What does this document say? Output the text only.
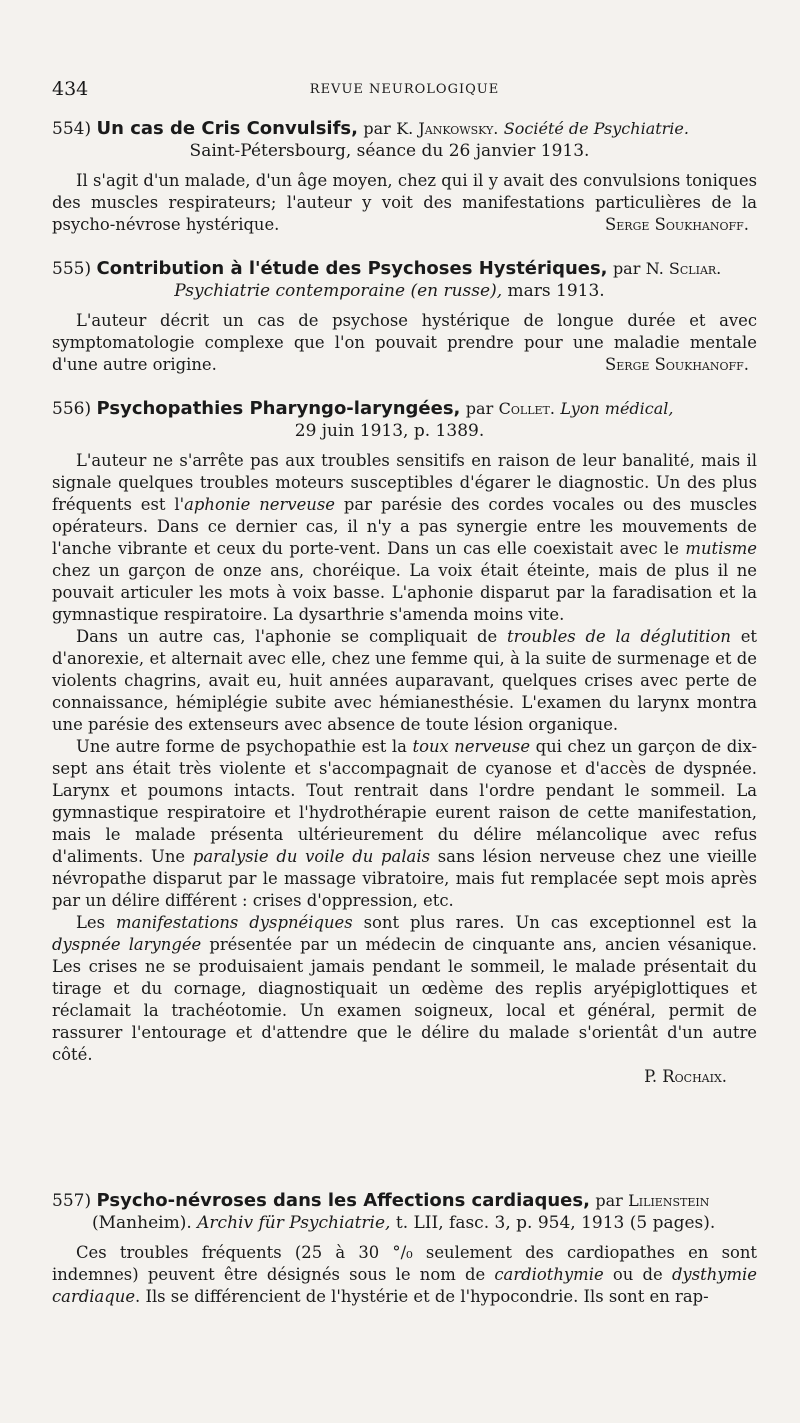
434	REVUE NEUROLOGIQUE
554) Un cas de Cris Convulsifs, par K. Jankowsky. Société de Psychiatrie.
Saint-Pétersbourg, séance du 26 janvier 1913.

Il s'agit d'un malade, d'un âge moyen, chez qui il y avait des convulsions toniques des muscles respirateurs; l'auteur y voit des manifestations particulières de la psycho-névrose hystérique.	Serge Soukhanoff.

555) Contribution à l'étude des Psychoses Hystériques, par N. Scliar.
Psychiatrie contemporaine (en russe), mars 1913.

L'auteur décrit un cas de psychose hystérique de longue durée et avec symptomatologie complexe que l'on pouvait prendre pour une maladie mentale d'une autre origine.	Serge Soukhanoff.

556) Psychopathies Pharyngo-laryngées, par Collet. Lyon médical,
29 juin 1913, p. 1389.

L'auteur ne s'arrête pas aux troubles sensitifs en raison de leur banalité, mais il signale quelques troubles moteurs susceptibles d'égarer le diagnostic. Un des plus fréquents est l'aphonie nerveuse par parésie des cordes vocales ou des muscles opérateurs. Dans ce dernier cas, il n'y a pas synergie entre les mouvements de l'anche vibrante et ceux du porte-vent. Dans un cas elle coexistait avec le mutisme chez un garçon de onze ans, choréique. La voix était éteinte, mais de plus il ne pouvait articuler les mots à voix basse. L'aphonie disparut par la faradisation et la gymnastique respiratoire. La dysarthrie s'amenda moins vite.

Dans un autre cas, l'aphonie se compliquait de troubles de la déglutition et d'anorexie, et alternait avec elle, chez une femme qui, à la suite de surmenage et de violents chagrins, avait eu, huit années auparavant, quelques crises avec perte de connaissance, hémiplégie subite avec hémianesthésie. L'examen du larynx montra une parésie des extenseurs avec absence de toute lésion organique.

Une autre forme de psychopathie est la toux nerveuse qui chez un garçon de dix-sept ans était très violente et s'accompagnait de cyanose et d'accès de dyspnée. Larynx et poumons intacts. Tout rentrait dans l'ordre pendant le sommeil. La gymnastique respiratoire et l'hydrothérapie eurent raison de cette manifestation, mais le malade présenta ultérieurement du délire mélancolique avec refus d'aliments. Une paralysie du voile du palais sans lésion nerveuse chez une vieille névropathe disparut par le massage vibratoire, mais fut remplacée sept mois après par un délire différent : crises d'oppression, etc.

Les manifestations dyspnéiques sont plus rares. Un cas exceptionnel est la dyspnée laryngée présentée par un médecin de cinquante ans, ancien vésanique. Les crises ne se produisaient jamais pendant le sommeil, le malade présentait du tirage et du cornage, diagnostiquait un œdème des replis aryépiglottiques et réclamait la trachéotomie. Un examen soigneux, local et général, permit de rassurer l'entourage et d'attendre que le délire du malade s'orientât d'un autre côté.

P. Rochaix.

557) Psycho-névroses dans les Affections cardiaques, par Lilienstein
(Manheim). Archiv für Psychiatrie, t. LII, fasc. 3, p. 954, 1913 (5 pages).

Ces troubles fréquents (25 à 30 °/₀ seulement des cardiopathes en sont indemnes) peuvent être désignés sous le nom de cardiothymie ou de dysthymie cardiaque. Ils se différencient de l'hystérie et de l'hypocondrie. Ils sont en rap-
